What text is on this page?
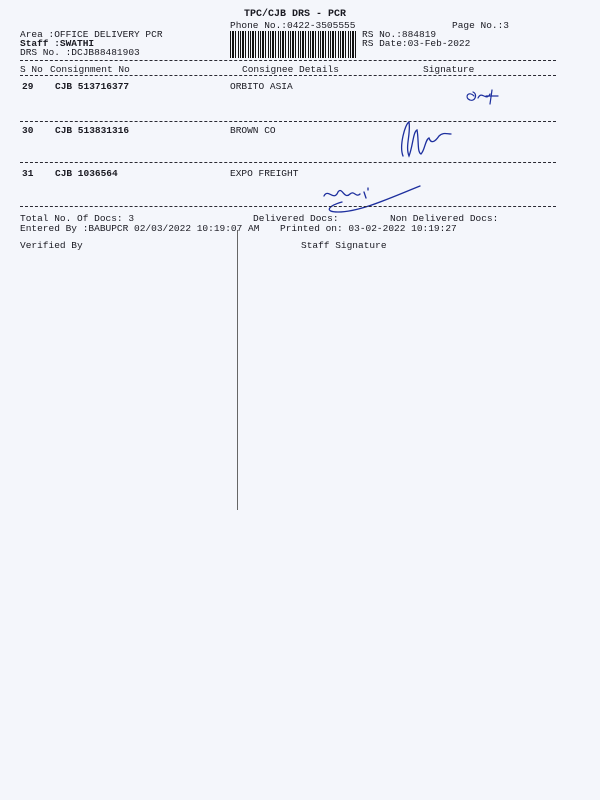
TPC/CJB DRS - PCR
Phone No.:0422-3505555	Page No.:3
Area :OFFICE DELIVERY PCR
Staff :SWATHI
DRS No. :DCJB88481903
RS No.:884819
RS Date:03-Feb-2022
S No Consignment No	Consignee Details	Signature
29 CJB 513716377	ORBITO ASIA
30 CJB 513831316	BROWN CO
31 CJB 1036564	EXPO FREIGHT
Total No. Of Docs: 3	Delivered Docs:	Non Delivered Docs:
Entered By :BABUPCR 02/03/2022 10:19:07 AM Printed on: 03-02-2022 10:19:27
Verified By	Staff Signature
